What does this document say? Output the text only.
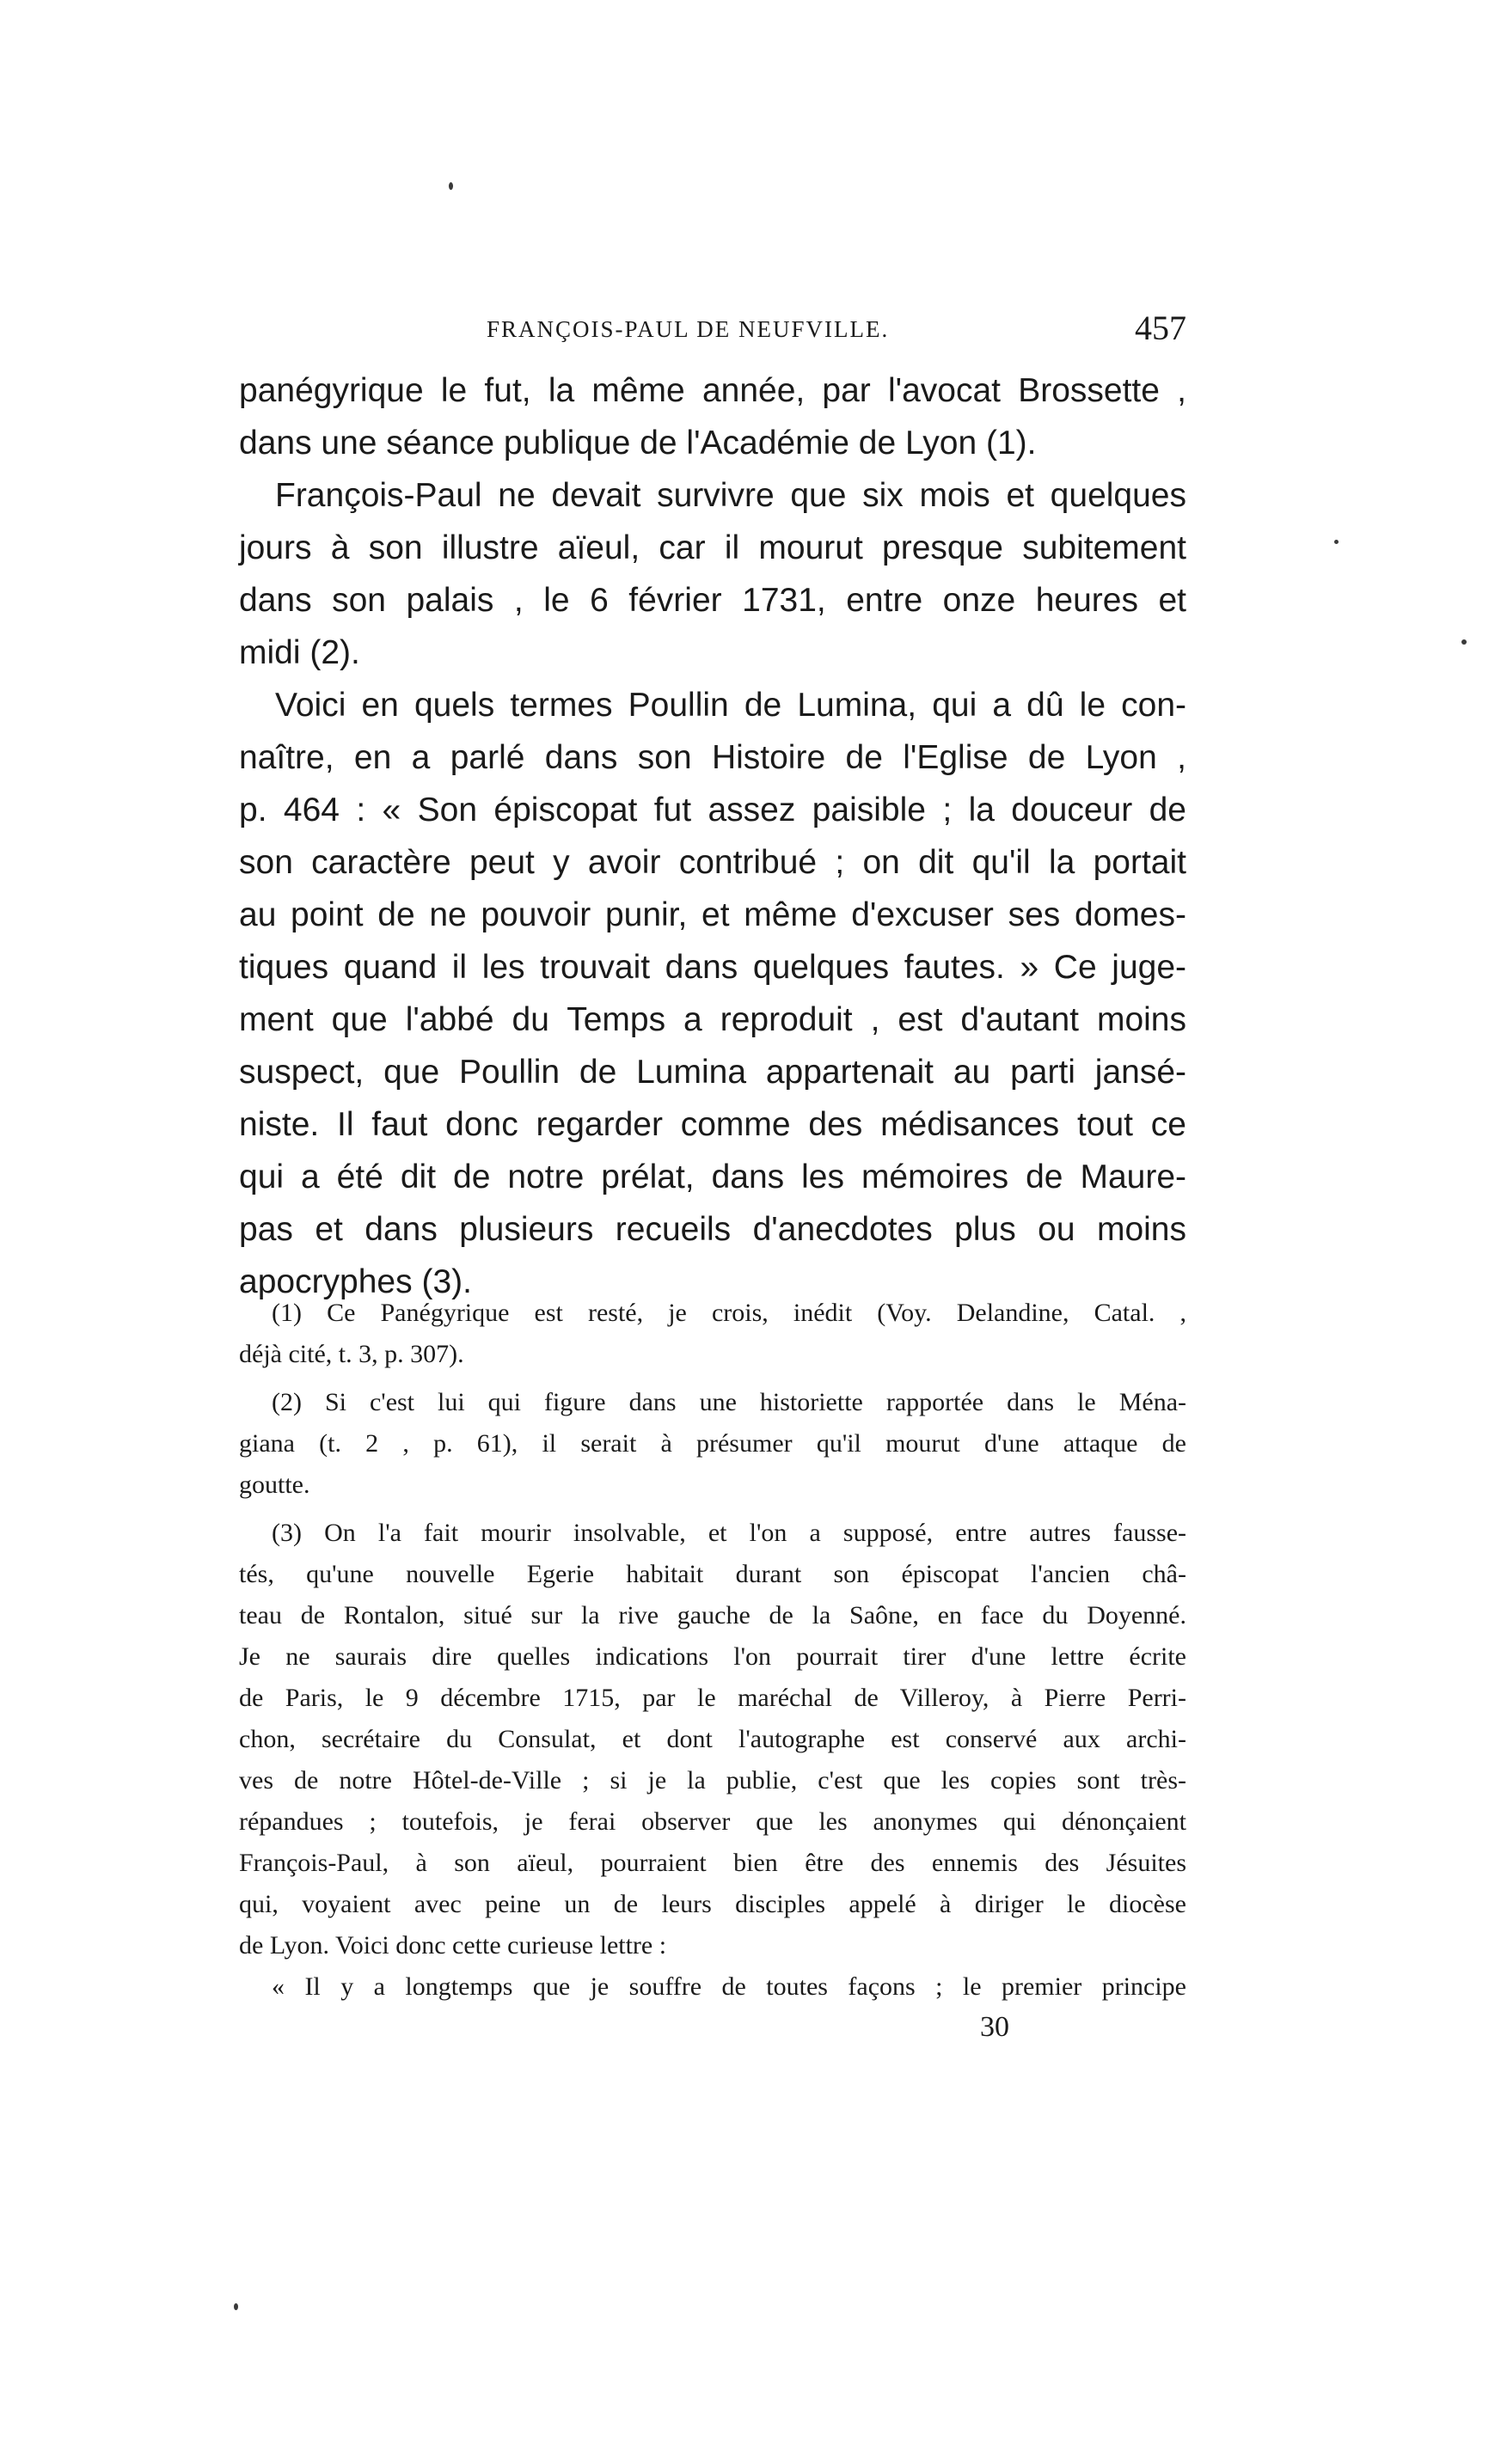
FRANÇOIS-PAUL DE NEUFVILLE.	457
panégyrique le fut, la même année, par l'avocat Brossette ,
dans une séance publique de l'Académie de Lyon (1).
François-Paul ne devait survivre que six mois et quelques
jours à son illustre aïeul, car il mourut presque subitement
dans son palais , le 6 février 1731, entre onze heures et
midi (2).
Voici en quels termes Poullin de Lumina, qui a dû le con-
naître, en a parlé dans son Histoire de l'Eglise de Lyon ,
p. 464 : « Son épiscopat fut assez paisible ; la douceur de
son caractère peut y avoir contribué ; on dit qu'il la portait
au point de ne pouvoir punir, et même d'excuser ses domes-
tiques quand il les trouvait dans quelques fautes. » Ce juge-
ment que l'abbé du Temps a reproduit , est d'autant moins
suspect, que Poullin de Lumina appartenait au parti jansé-
niste. Il faut donc regarder comme des médisances tout ce
qui a été dit de notre prélat, dans les mémoires de Maure-
pas et dans plusieurs recueils d'anecdotes plus ou moins
apocryphes (3).
(1) Ce Panégyrique est resté, je crois, inédit (Voy. Delandine, Catal. ,
déjà cité, t. 3, p. 307).
(2) Si c'est lui qui figure dans une historiette rapportée dans le Ména-
giana (t. 2 , p. 61), il serait à présumer qu'il mourut d'une attaque de
goutte.
(3) On l'a fait mourir insolvable, et l'on a supposé, entre autres fausse-
tés, qu'une nouvelle Egerie habitait durant son épiscopat l'ancien châ-
teau de Rontalon, situé sur la rive gauche de la Saône, en face du Doyenné.
Je ne saurais dire quelles indications l'on pourrait tirer d'une lettre écrite
de Paris, le 9 décembre 1715, par le maréchal de Villeroy, à Pierre Perri-
chon, secrétaire du Consulat, et dont l'autographe est conservé aux archi-
ves de notre Hôtel-de-Ville ; si je la publie, c'est que les copies sont très-
répandues ; toutefois, je ferai observer que les anonymes qui dénonçaient
François-Paul, à son aïeul, pourraient bien être des ennemis des Jésuites
qui, voyaient avec peine un de leurs disciples appelé à diriger le diocèse
de Lyon. Voici donc cette curieuse lettre :
« Il y a longtemps que je souffre de toutes façons ; le premier principe
30
